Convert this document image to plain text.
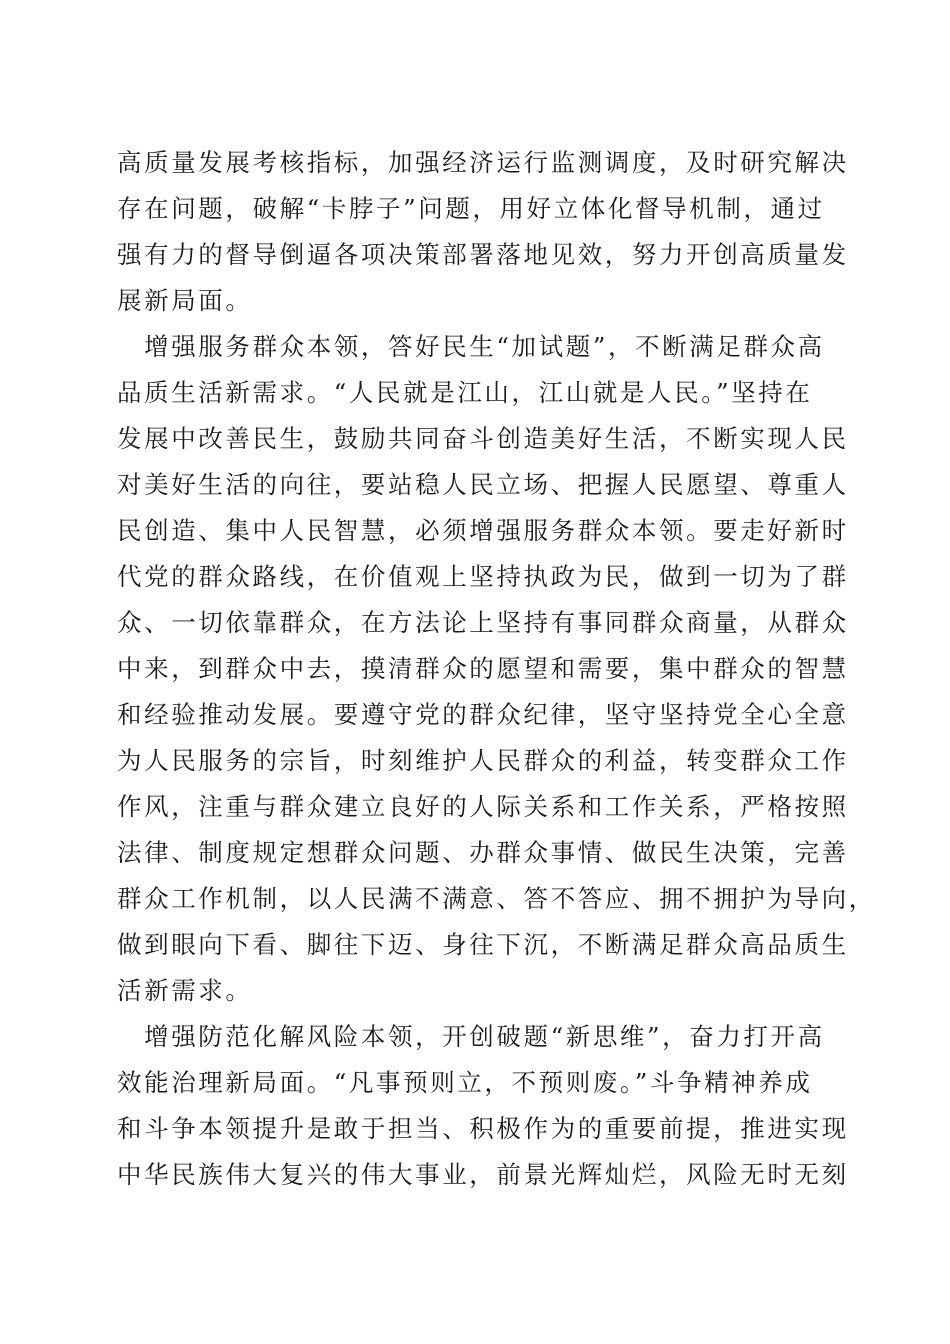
高质量发展考核指标，加强经济运行监测调度，及时研究解决
存在问题，破解“卡脖子”问题，用好立体化督导机制，通过
强有力的督导倒逼各项决策部署落地见效，努力开创高质量发
展新局面。
　增强服务群众本领，答好民生“加试题”，不断满足群众高
品质生活新需求。“人民就是江山，江山就是人民。”坚持在
发展中改善民生，鼓励共同奋斗创造美好生活，不断实现人民
对美好生活的向往，要站稳人民立场、把握人民愿望、尊重人
民创造、集中人民智慧，必须增强服务群众本领。要走好新时
代党的群众路线，在价值观上坚持执政为民，做到一切为了群
众、一切依靠群众，在方法论上坚持有事同群众商量，从群众
中来，到群众中去，摸清群众的愿望和需要，集中群众的智慧
和经验推动发展。要遵守党的群众纪律，坚守坚持党全心全意
为人民服务的宗旨，时刻维护人民群众的利益，转变群众工作
作风，注重与群众建立良好的人际关系和工作关系，严格按照
法律、制度规定想群众问题、办群众事情、做民生决策，完善
群众工作机制，以人民满不满意、答不答应、拥不拥护为导向，
做到眼向下看、脚往下迈、身往下沉，不断满足群众高品质生
活新需求。
　增强防范化解风险本领，开创破题“新思维”，奋力打开高
效能治理新局面。“凡事预则立，不预则废。”斗争精神养成
和斗争本领提升是敢于担当、积极作为的重要前提，推进实现
中华民族伟大复兴的伟大事业，前景光辉灿烂，风险无时无刻
